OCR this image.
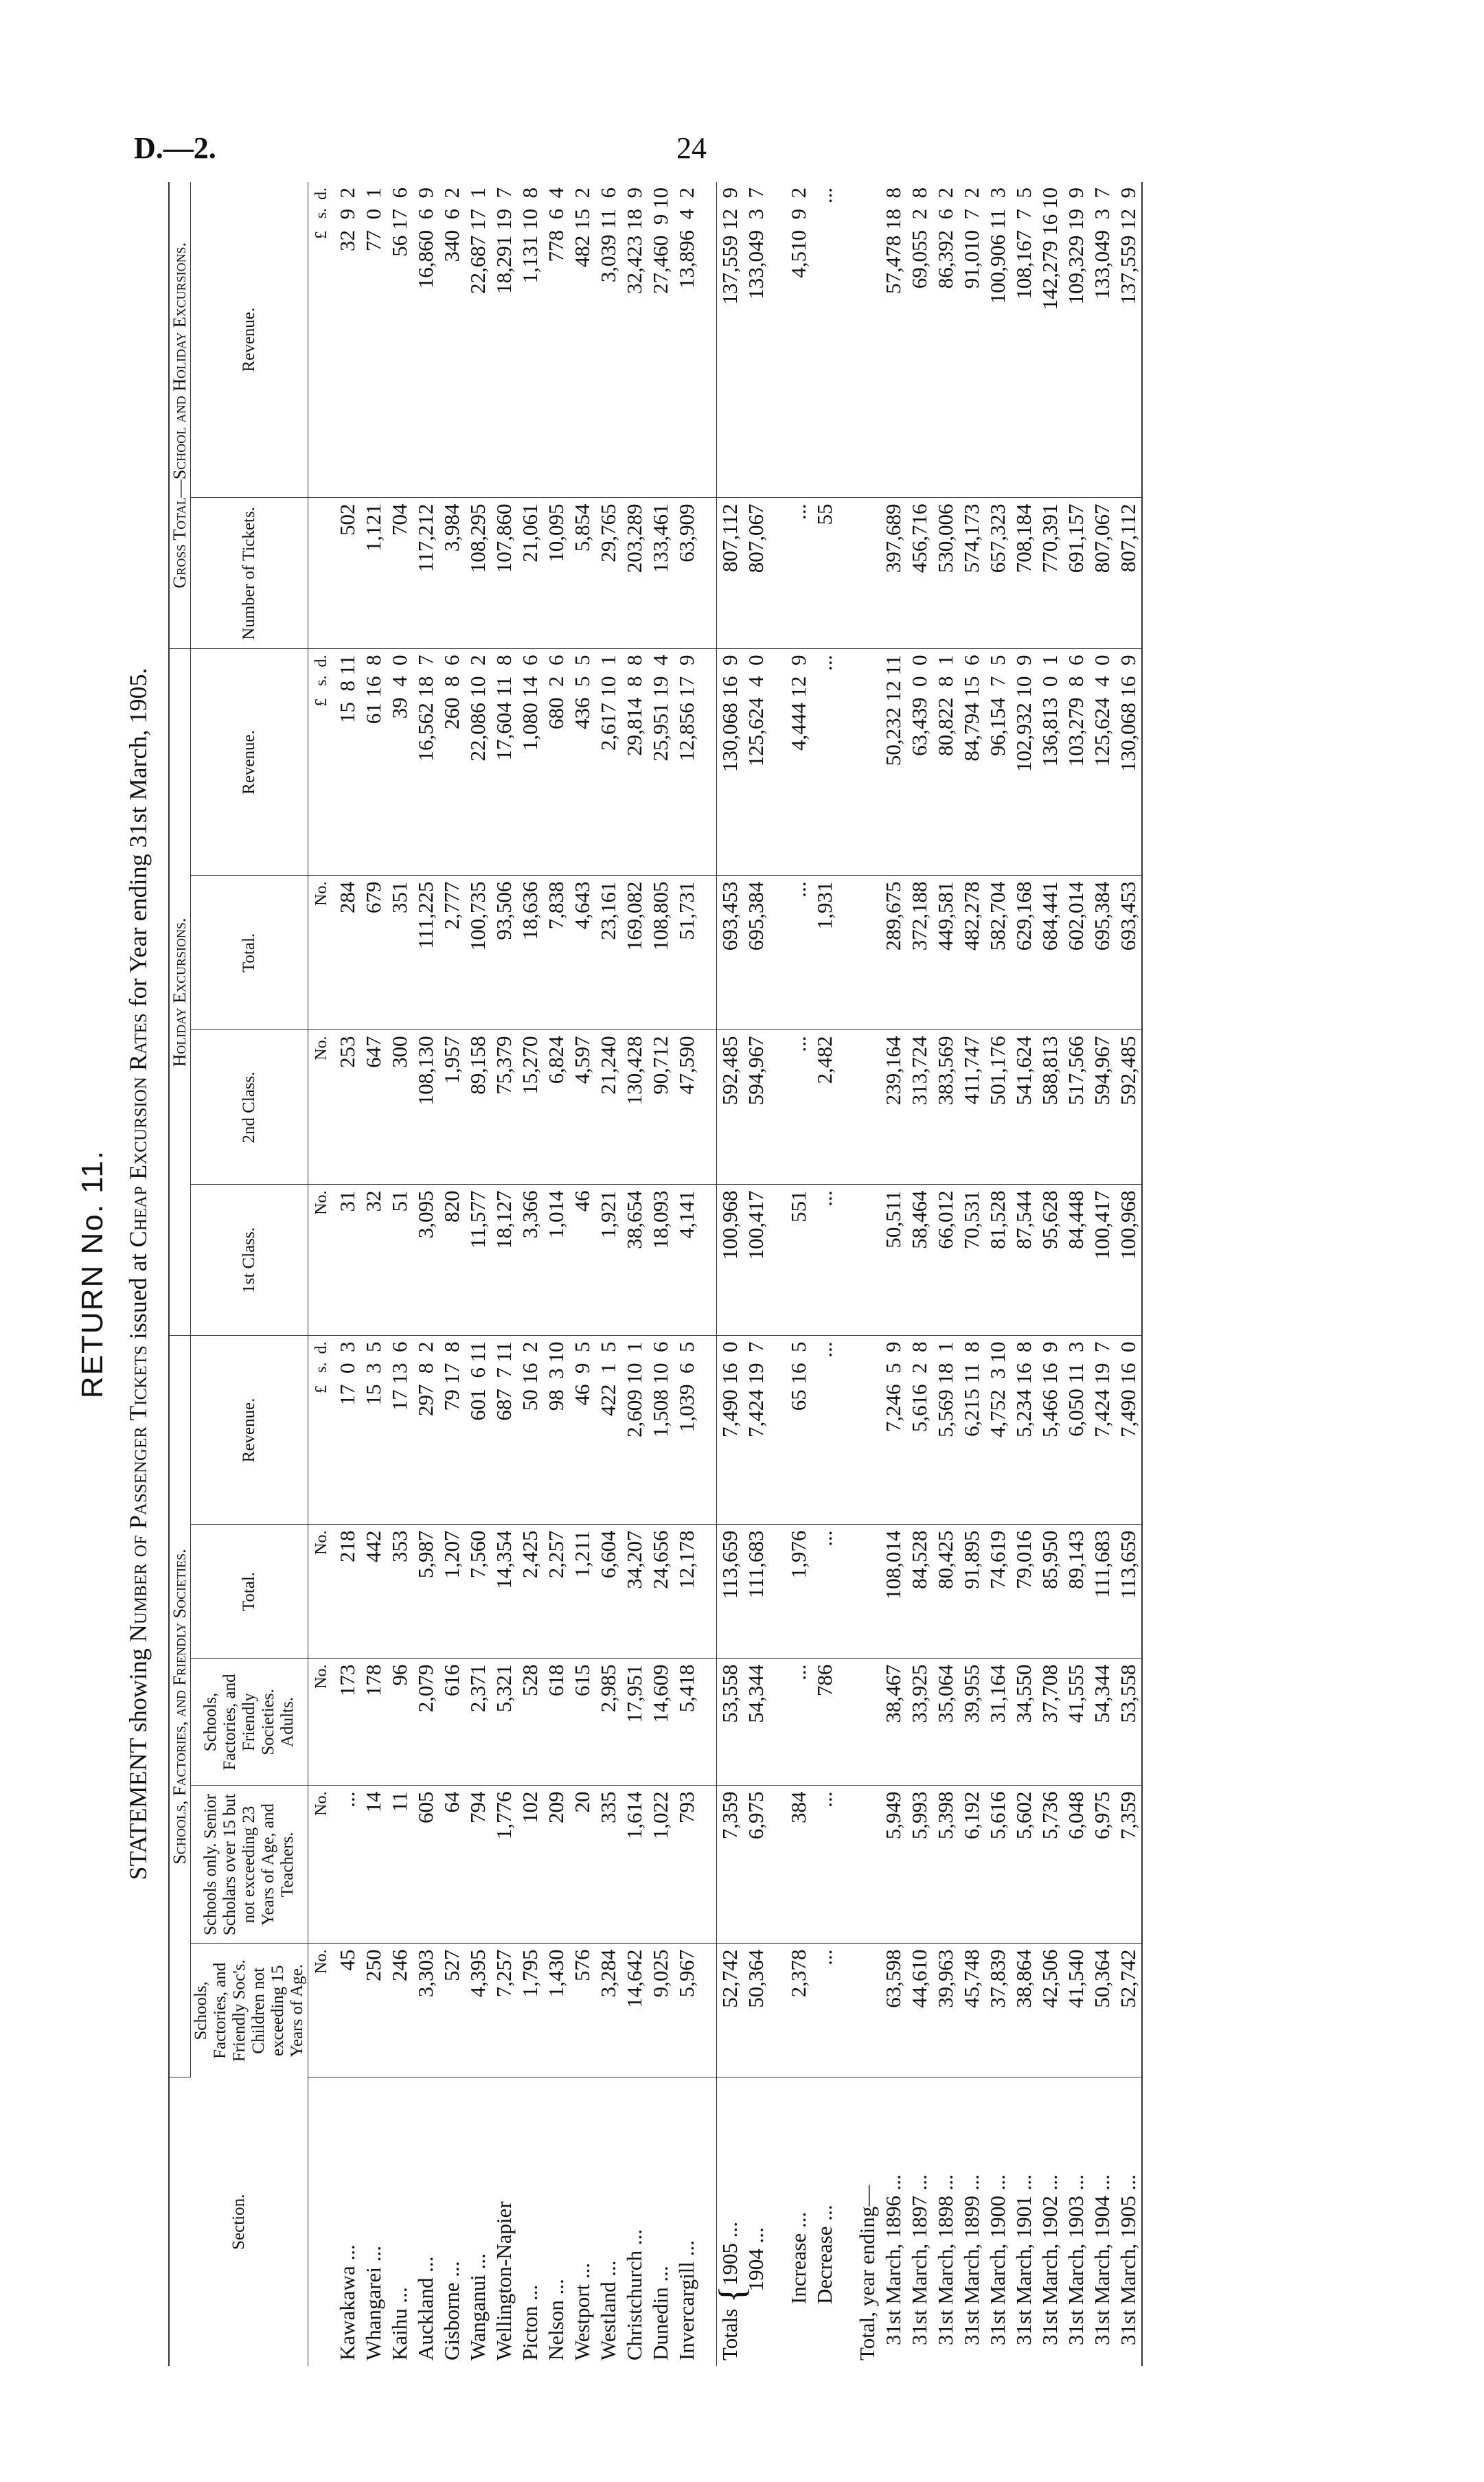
D.—2.	24
RETURN No. 11.
STATEMENT showing Number of Passenger Tickets issued at Cheap Excursion Rates for Year ending 31st March, 1905.
Section.	Schools, Factories, and Friendly Societies.					Holiday Excursions.				Gross Total—School and Holiday Excursions.	
	Schools, Factories, and Friendly Soc's. Children not exceeding 15 Years of Age.	Schools only. Senior Scholars over 15 but not exceeding 23 Years of Age, and Teachers.	Schools, Factories, and Friendly Societies. Adults.	Total.	Revenue.	1st Class.	2nd Class.	Total.	Revenue.	Number of Tickets.	Revenue.
	No.	No.	No.	No.	£   s.  d.	No.	No.	No.	£   s.  d.		£   s.  d.
Kawakawa ...	45	...	173	218	17  0  3	31	253	284	15  8 11	502	32  9  2
Whangarei ...	250	14	178	442	15  3  5	32	647	679	61 16  8	1,121	77  0  1
Kaihu ...	246	11	96	353	17 13  6	51	300	351	39  4  0	704	56 17  6
Auckland ...	3,303	605	2,079	5,987	297  8  2	3,095	108,130	111,225	16,562 18  7	117,212	16,860  6  9
Gisborne ...	527	64	616	1,207	79 17  8	820	1,957	2,777	260  8  6	3,984	340  6  2
Wanganui ...	4,395	794	2,371	7,560	601  6 11	11,577	89,158	100,735	22,086 10  2	108,295	22,687 17  1
Wellington-Napier	7,257	1,776	5,321	14,354	687  7 11	18,127	75,379	93,506	17,604 11  8	107,860	18,291 19  7
Picton ...	1,795	102	528	2,425	50 16  2	3,366	15,270	18,636	1,080 14  6	21,061	1,131 10  8
Nelson ...	1,430	209	618	2,257	98  3 10	1,014	6,824	7,838	680  2  6	10,095	778  6  4
Westport ...	576	20	615	1,211	46  9  5	46	4,597	4,643	436  5  5	5,854	482 15  2
Westland ...	3,284	335	2,985	6,604	422  1  5	1,921	21,240	23,161	2,617 10  1	29,765	3,039 11  6
Christchurch ...	14,642	1,614	17,951	34,207	2,609 10  1	38,654	130,428	169,082	29,814  8  8	203,289	32,423 18  9
Dunedin ...	9,025	1,022	14,609	24,656	1,508 10  6	18,093	90,712	108,805	25,951 19  4	133,461	27,460  9 10
Invercargill ...	5,967	793	5,418	12,178	1,039  6  5	4,141	47,590	51,731	12,856 17  9	63,909	13,896  4  2

Totals {1905 ...	52,742	7,359	53,558	113,659	7,490 16  0	100,968	592,485	693,453	130,068 16  9	807,112	137,559 12  9
1904 ...	50,364	6,975	54,344	111,683	7,424 19  7	100,417	594,967	695,384	125,624  4  0	807,067	133,049  3  7

Increase ...	2,378	384	...	1,976	65 16  5	551	...	...	4,444 12  9	...	4,510  9  2
Decrease ...	...	...	786	...	...	...	2,482	1,931	...	55	...

Total, year ending—											
31st March, 1896 ...	63,598	5,949	38,467	108,014	7,246  5  9	50,511	239,164	289,675	50,232 12 11	397,689	57,478 18  8
31st March, 1897 ...	44,610	5,993	33,925	84,528	5,616  2  8	58,464	313,724	372,188	63,439  0  0	456,716	69,055  2  8
31st March, 1898 ...	39,963	5,398	35,064	80,425	5,569 18  1	66,012	383,569	449,581	80,822  8  1	530,006	86,392  6  2
31st March, 1899 ...	45,748	6,192	39,955	91,895	6,215 11  8	70,531	411,747	482,278	84,794 15  6	574,173	91,010  7  2
31st March, 1900 ...	37,839	5,616	31,164	74,619	4,752  3 10	81,528	501,176	582,704	96,154  7  5	657,323	100,906 11  3
31st March, 1901 ...	38,864	5,602	34,550	79,016	5,234 16  8	87,544	541,624	629,168	102,932 10  9	708,184	108,167  7  5
31st March, 1902 ...	42,506	5,736	37,708	85,950	5,466 16  9	95,628	588,813	684,441	136,813  0  1	770,391	142,279 16 10
31st March, 1903 ...	41,540	6,048	41,555	89,143	6,050 11  3	84,448	517,566	602,014	103,279  8  6	691,157	109,329 19  9
31st March, 1904 ...	50,364	6,975	54,344	111,683	7,424 19  7	100,417	594,967	695,384	125,624  4  0	807,067	133,049  3  7
31st March, 1905 ...	52,742	7,359	53,558	113,659	7,490 16  0	100,968	592,485	693,453	130,068 16  9	807,112	137,559 12  9
